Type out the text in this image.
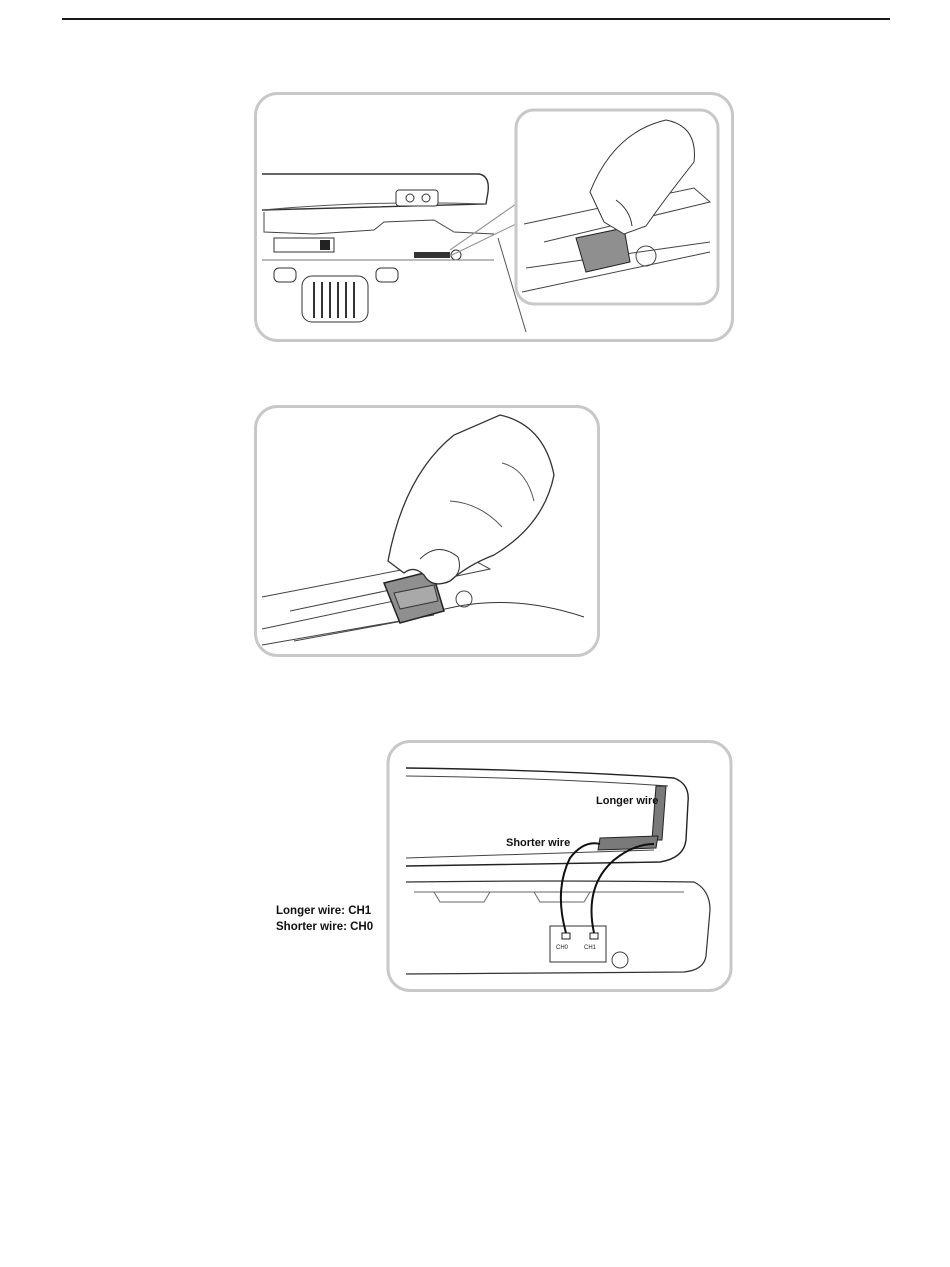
CH0	CH1
Longer wire
Shorter wire
Longer wire: CH1
Shorter wire: CH0
